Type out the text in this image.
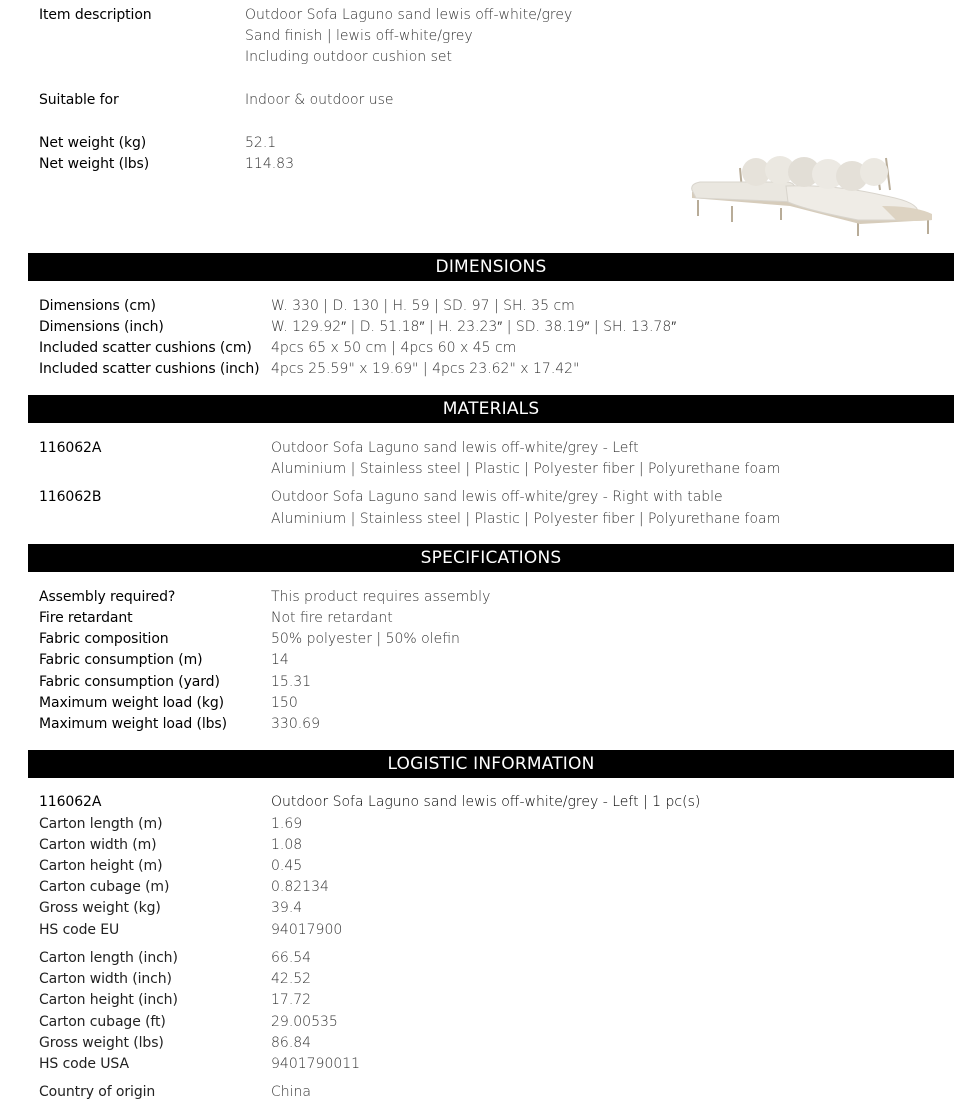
Item description	Outdoor Sofa Laguno sand lewis off-white/grey
Sand finish | lewis off-white/grey
Including outdoor cushion set
Suitable for	Indoor & outdoor use
Net weight (kg)	52.1
Net weight (lbs)	114.83
DIMENSIONS
Dimensions (cm)	W. 330 | D. 130 | H. 59 | SD. 97 | SH. 35 cm
Dimensions (inch)	W. 129.92″ | D. 51.18″ | H. 23.23″ | SD. 38.19″ | SH. 13.78″
Included scatter cushions (cm) 4pcs 65 x 50 cm | 4pcs 60 x 45 cm
Included scatter cushions (inch) 4pcs 25.59" x 19.69" | 4pcs 23.62" x 17.42"
MATERIALS
116062A	Outdoor Sofa Laguno sand lewis off-white/grey - Left
Aluminium | Stainless steel | Plastic | Polyester fiber | Polyurethane foam
116062B	Outdoor Sofa Laguno sand lewis off-white/grey - Right with table
Aluminium | Stainless steel | Plastic | Polyester fiber | Polyurethane foam
SPECIFICATIONS
Assembly required?	This product requires assembly
Fire retardant	Not fire retardant
Fabric composition	50% polyester | 50% olefin
Fabric consumption (m)	14
Fabric consumption (yard)	15.31
Maximum weight load (kg)	150
Maximum weight load (lbs)	330.69
LOGISTIC INFORMATION
116062A	Outdoor Sofa Laguno sand lewis off-white/grey - Left | 1 pc(s)
Carton length (m)	1.69
Carton width (m)	1.08
Carton height (m)	0.45
Carton cubage (m)	0.82134
Gross weight (kg)	39.4
HS code EU	94017900
Carton length (inch)	66.54
Carton width (inch)	42.52
Carton height (inch)	17.72
Carton cubage (ft)	29.00535
Gross weight (lbs)	86.84
HS code USA	9401790011
Country of origin	China
